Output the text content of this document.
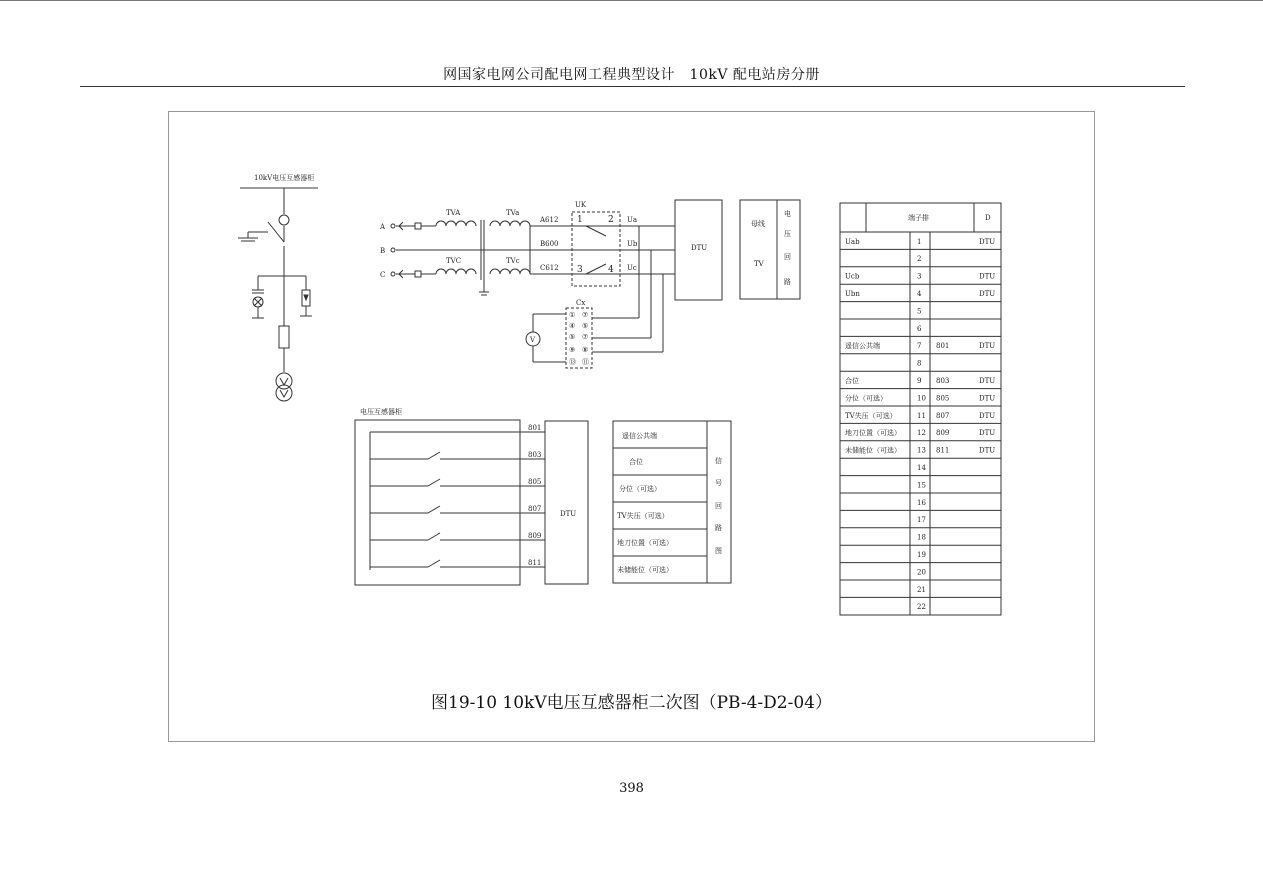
网国家电网公司配电网工程典型设计　10kV 配电站房分册
10kV电压互感器柜
A
B
C
TVA	TVa
TVC	TVc
A612
B600
C612
UK
1	2
3	4
Ua
Ub
Uc
DTU
V
Cx
①
④
⑤
⑨
⑬
⑦
⑤
⑦
⑧
⑪
母线
TV
电
压
回
路
电压互感器柜
801
803
805
807
809
811
DTU
遥信公共端
合位
分位（可选）
TV失压（可选）
地刀位置（可选）
未储能位（可选）
信
号
回
路
图
端子排	D
Uab	1	DTU
2
Ucb	3	DTU
Ubn	4	DTU
5
6
遥信公共端	7 801	DTU
8
合位	9 803	DTU
分位（可选）	10 805	DTU
TV失压（可选）	11 807	DTU
地刀位置（可选） 12 809	DTU
未储能位（可选） 13 811	DTU
14
15
16
17
18
19
20
21
22
图19-10 10kV电压互感器柜二次图（PB-4-D2-04）
398
